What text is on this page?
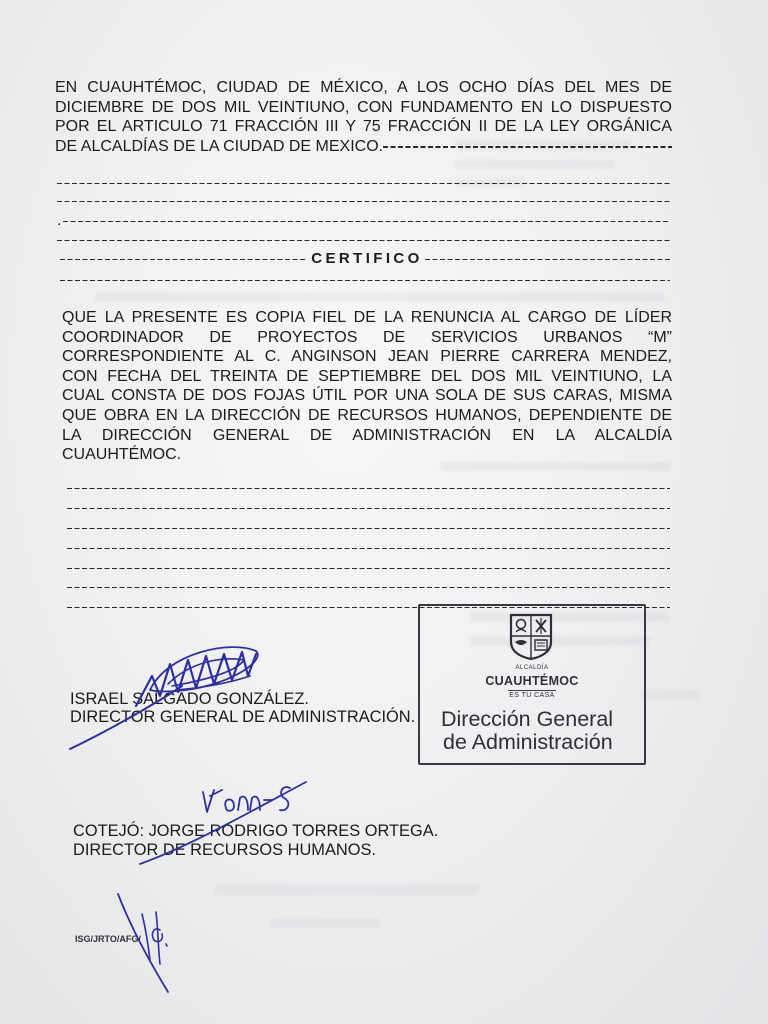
EN CUAUHTÉMOC, CIUDAD DE MÉXICO, A LOS OCHO DÍAS DEL MES DE
DICIEMBRE DE DOS MIL VEINTIUNO, CON FUNDAMENTO EN LO DISPUESTO
POR EL ARTICULO 71 FRACCIÓN III Y 75 FRACCIÓN II DE LA LEY ORGÁNICA
DE ALCALDÍAS DE LA CIUDAD DE MEXICO.
.
CERTIFICO
QUE LA PRESENTE ES COPIA FIEL DE LA RENUNCIA AL CARGO DE LÍDER
COORDINADOR DE PROYECTOS DE SERVICIOS URBANOS “M”
CORRESPONDIENTE AL C. ANGINSON JEAN PIERRE CARRERA MENDEZ,
CON FECHA DEL TREINTA DE SEPTIEMBRE DEL DOS MIL VEINTIUNO, LA
CUAL CONSTA DE DOS FOJAS ÚTIL POR UNA SOLA DE SUS CARAS, MISMA
QUE OBRA EN LA DIRECCIÓN DE RECURSOS HUMANOS, DEPENDIENTE DE
LA DIRECCIÓN GENERAL DE ADMINISTRACIÓN EN LA ALCALDÍA
CUAUHTÉMOC.
ISRAEL SALGADO GONZÁLEZ.
DIRECTOR GENERAL DE ADMINISTRACIÓN.
ALCALDÍA
CUAUHTÉMOC
ES TU CASA
Dirección General
de Administración
COTEJÓ: JORGE RODRIGO TORRES ORTEGA.
DIRECTOR DE RECURSOS HUMANOS.
ISG/JRTO/AFG/
